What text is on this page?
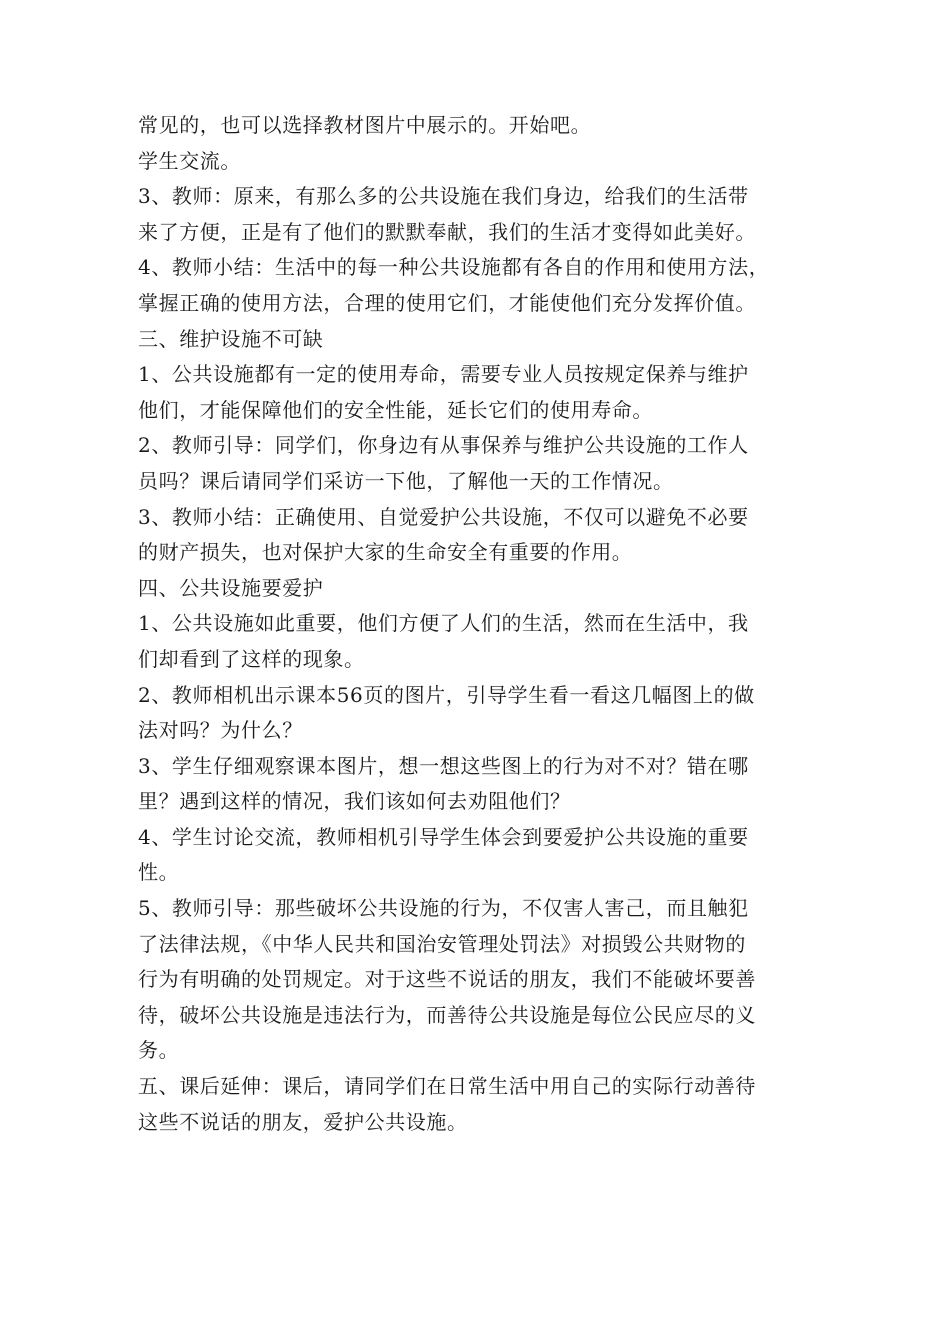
常见的，也可以选择教材图片中展示的。开始吧。
学生交流。
3、教师：原来，有那么多的公共设施在我们身边，给我们的生活带
来了方便，正是有了他们的默默奉献，我们的生活才变得如此美好。
4、教师小结：生活中的每一种公共设施都有各自的作用和使用方法，
掌握正确的使用方法，合理的使用它们，才能使他们充分发挥价值。
三、维护设施不可缺
1、公共设施都有一定的使用寿命，需要专业人员按规定保养与维护
他们，才能保障他们的安全性能，延长它们的使用寿命。
2、教师引导：同学们，你身边有从事保养与维护公共设施的工作人
员吗？课后请同学们采访一下他，了解他一天的工作情况。
3、教师小结：正确使用、自觉爱护公共设施，不仅可以避免不必要
的财产损失，也对保护大家的生命安全有重要的作用。
四、公共设施要爱护
1、公共设施如此重要，他们方便了人们的生活，然而在生活中，我
们却看到了这样的现象。
2、教师相机出示课本56页的图片，引导学生看一看这几幅图上的做
法对吗？为什么？
3、学生仔细观察课本图片，想一想这些图上的行为对不对？错在哪
里？遇到这样的情况，我们该如何去劝阻他们？
4、学生讨论交流，教师相机引导学生体会到要爱护公共设施的重要
性。
5、教师引导：那些破坏公共设施的行为，不仅害人害己，而且触犯
了法律法规，《中华人民共和国治安管理处罚法》对损毁公共财物的
行为有明确的处罚规定。对于这些不说话的朋友，我们不能破坏要善
待，破坏公共设施是违法行为，而善待公共设施是每位公民应尽的义
务。
五、课后延伸：课后，请同学们在日常生活中用自己的实际行动善待
这些不说话的朋友，爱护公共设施。
